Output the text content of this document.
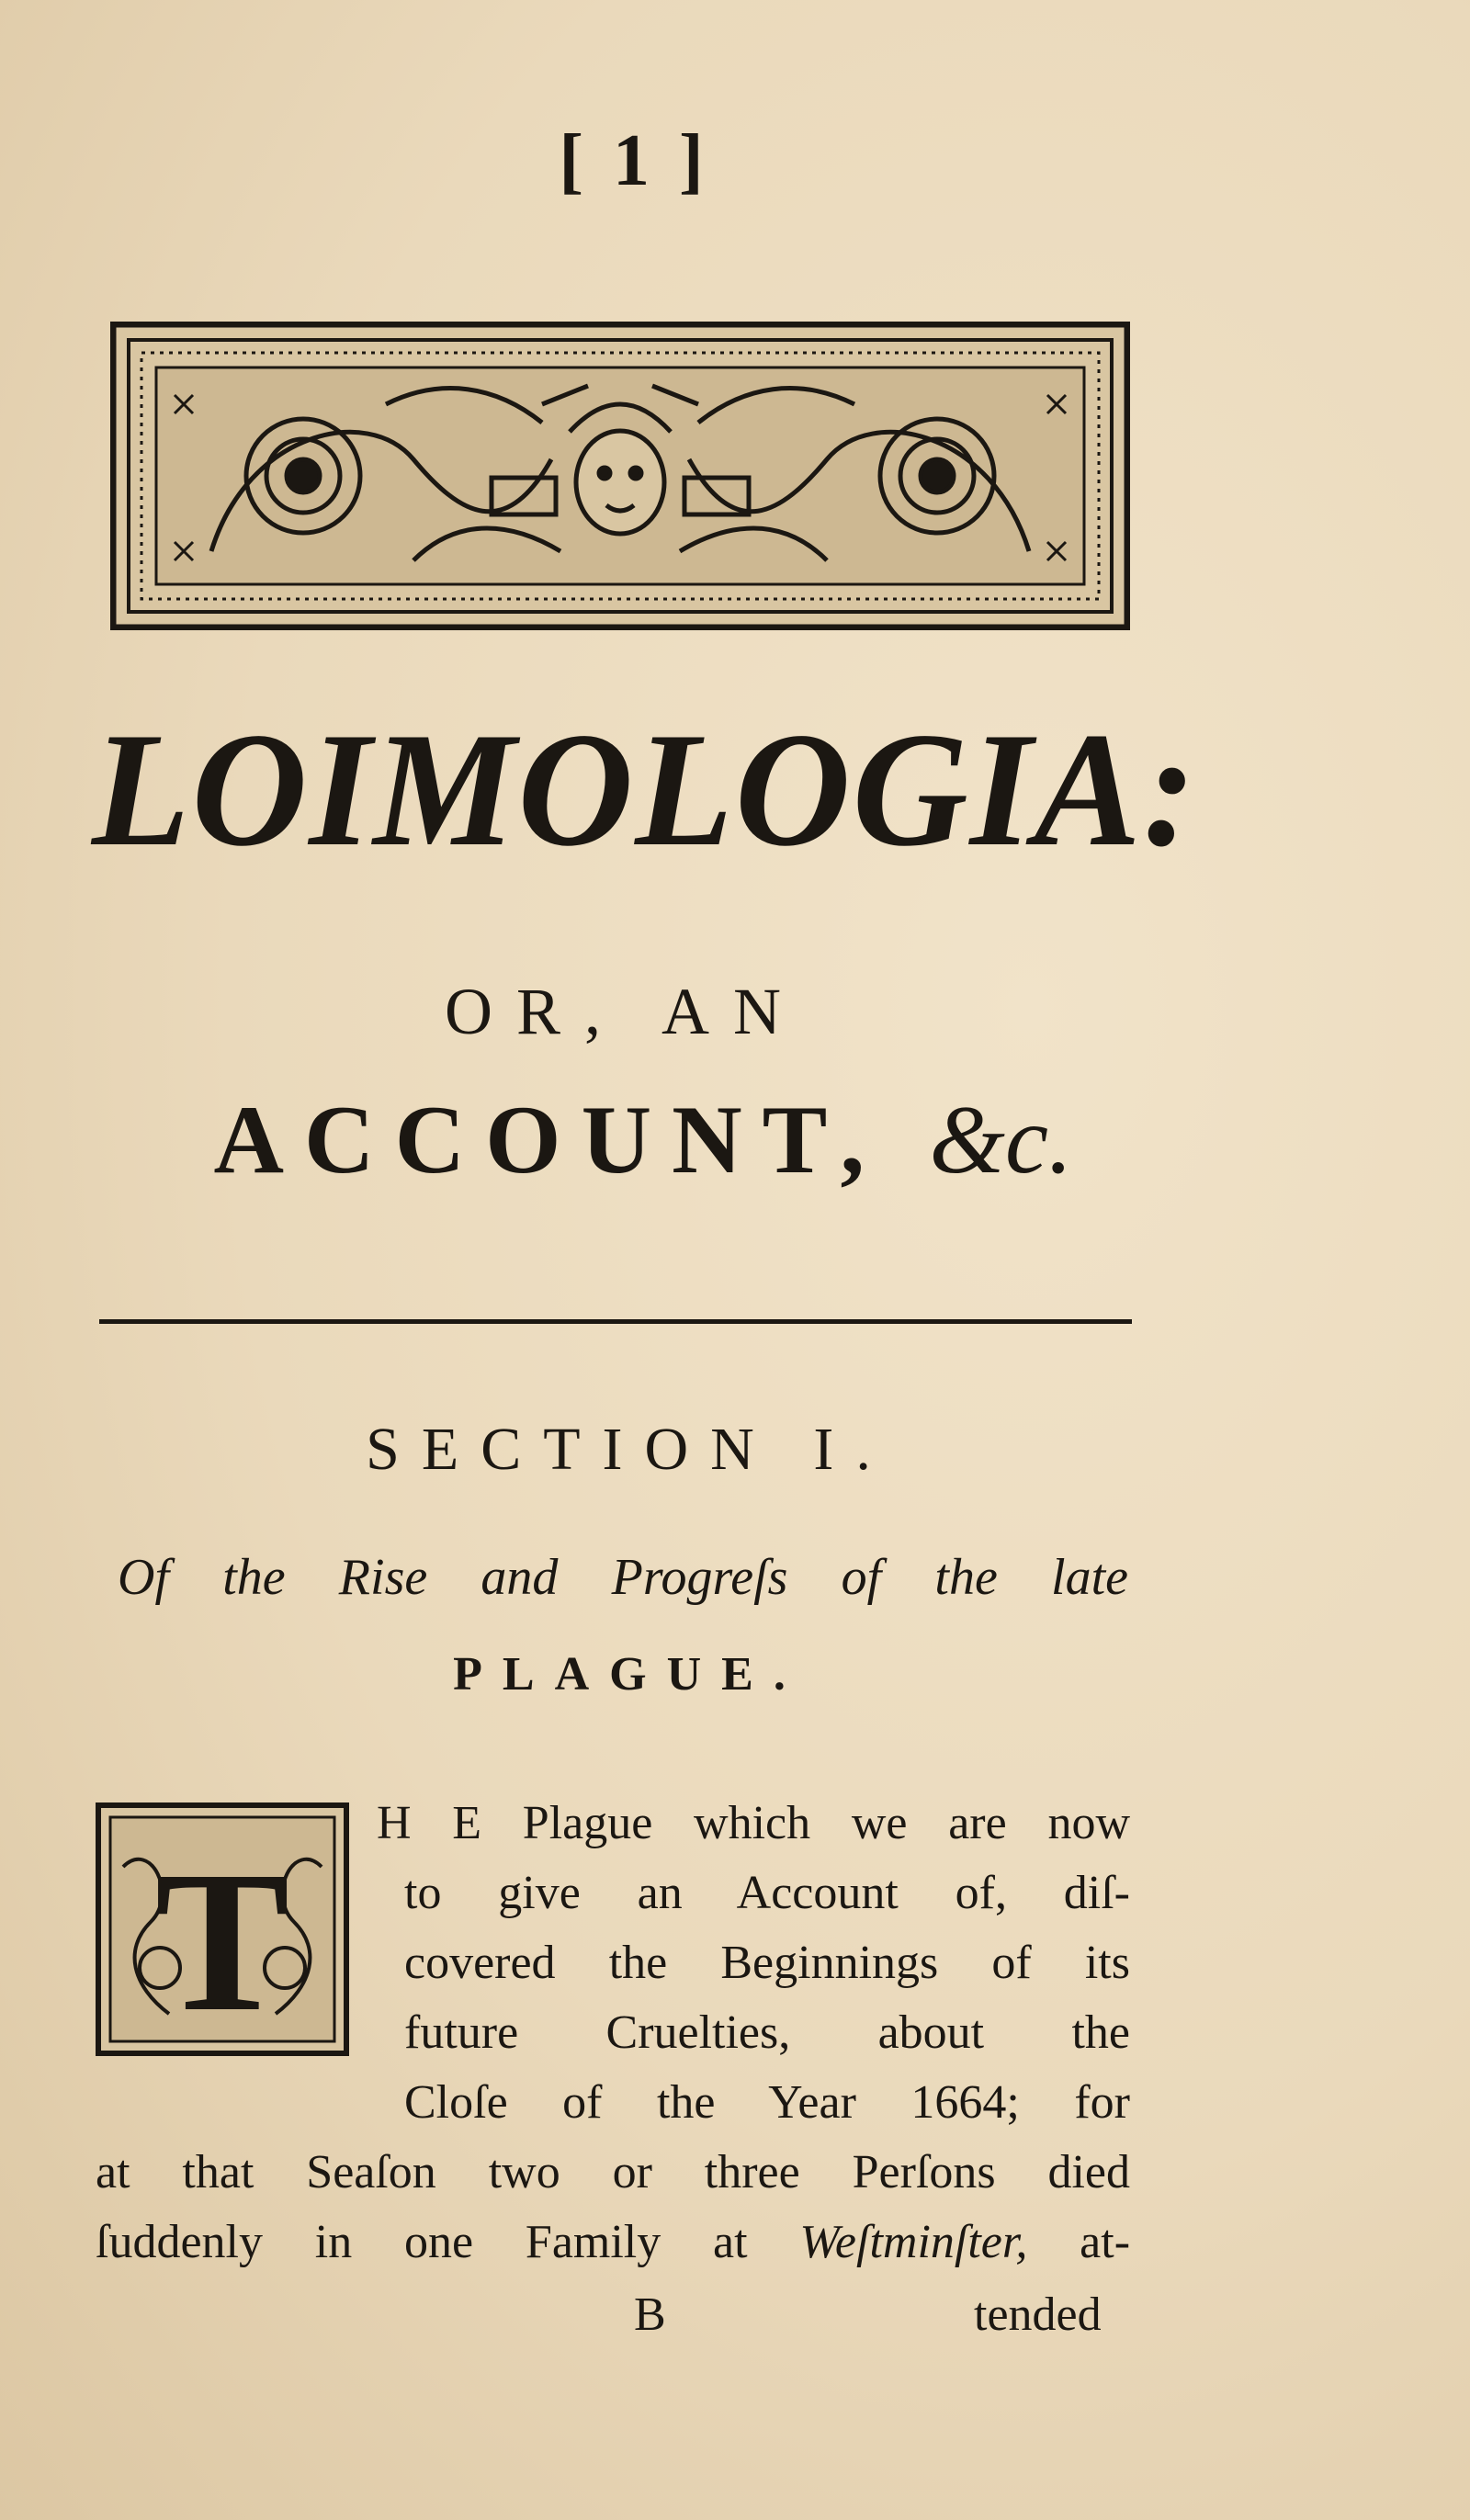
[ 1 ]
LOIMOLOGIA:
OR, AN
ACCOUNT, &c.
SECTION I.
Of the Rise and Progreſs of the late
PLAGUE.
T
H E Plague which we are now
to give an Account of, diſ-
covered the Beginnings of its
future Cruelties, about the
Cloſe of the Year 1664; for
at that Seaſon two or three Perſons died
ſuddenly in one Family at Weſtminſter, at-
B	tended
